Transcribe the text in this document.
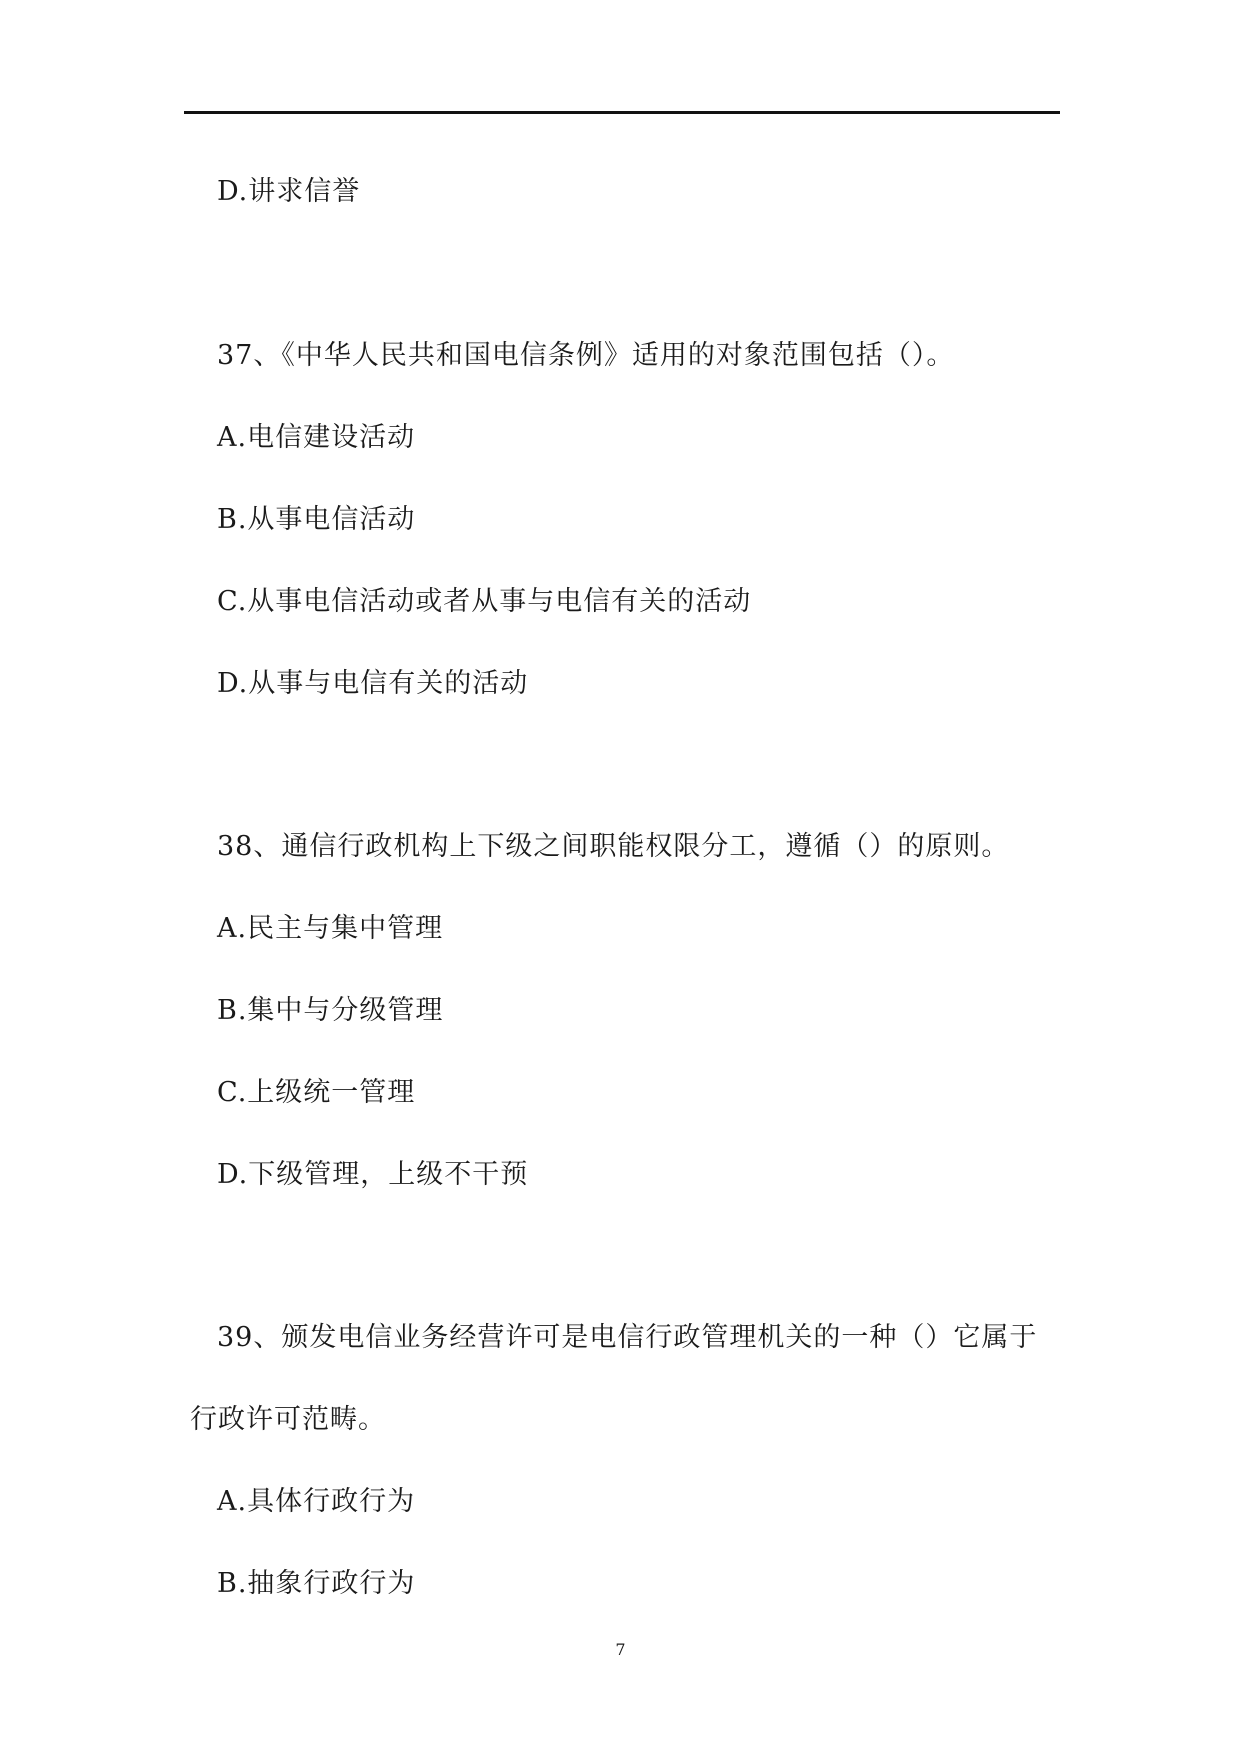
D.讲求信誉
37、《中华人民共和国电信条例》适用的对象范围包括（）。
A.电信建设活动
B.从事电信活动
C.从事电信活动或者从事与电信有关的活动
D.从事与电信有关的活动
38、通信行政机构上下级之间职能权限分工，遵循（）的原则。
A.民主与集中管理
B.集中与分级管理
C.上级统一管理
D.下级管理，上级不干预
39、颁发电信业务经营许可是电信行政管理机关的一种（）它属于
行政许可范畴。
A.具体行政行为
B.抽象行政行为
7
